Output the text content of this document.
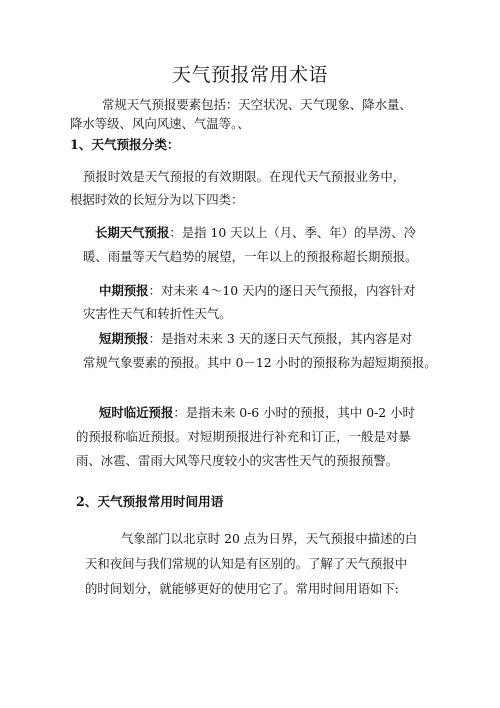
天气预报常用术语
常规天气预报要素包括：天空状况、天气现象、降水量、
降水等级、风向风速、气温等。、
1、天气预报分类：
预报时效是天气预报的有效期限。在现代天气预报业务中，
根据时效的长短分为以下四类：
长期天气预报：是指 10 天以上（月、季、年）的旱涝、冷
暖、雨量等天气趋势的展望，一年以上的预报称超长期预报。
中期预报：对未来 4～10 天内的逐日天气预报，内容针对
灾害性天气和转折性天气。
短期预报：是指对未来 3 天的逐日天气预报，其内容是对
常规气象要素的预报。其中 0－12 小时的预报称为超短期预报。
短时临近预报：是指未来 0-6 小时的预报，其中 0-2 小时
的预报称临近预报。对短期预报进行补充和订正，一般是对暴
雨、冰雹、雷雨大风等尺度较小的灾害性天气的预报预警。
2、天气预报常用时间用语
气象部门以北京时 20 点为日界，天气预报中描述的白
天和夜间与我们常规的认知是有区别的。了解了天气预报中
的时间划分，就能够更好的使用它了。常用时间用语如下:
